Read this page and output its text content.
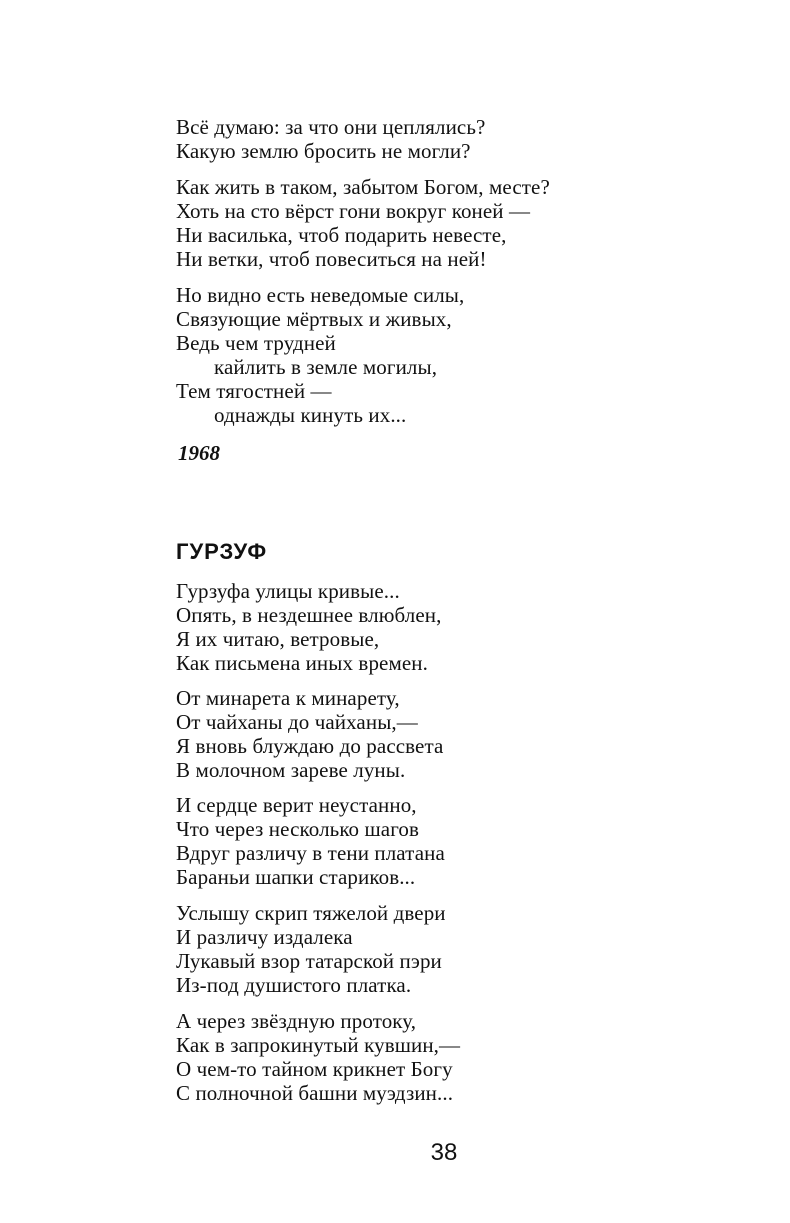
Всё думаю: за что они цеплялись?
Какую землю бросить не могли?
Как жить в таком, забытом Богом, месте?
Хоть на сто вёрст гони вокруг коней —
Ни василька, чтоб подарить невесте,
Ни ветки, чтоб повеситься на ней!
Но видно есть неведомые силы,
Связующие мёртвых и живых,
Ведь чем трудней
кайлить в земле могилы,
Тем тягостней —
однажды кинуть их...
1968
ГУРЗУФ
Гурзуфа улицы кривые...
Опять, в нездешнее влюблен,
Я их читаю, ветровые,
Как письмена иных времен.
От минарета к минарету,
От чайханы до чайханы,—
Я вновь блуждаю до рассвета
В молочном зареве луны.
И сердце верит неустанно,
Что через несколько шагов
Вдруг различу в тени платана
Бараньи шапки стариков...
Услышу скрип тяжелой двери
И различу издалека
Лукавый взор татарской пэри
Из-под душистого платка.
А через звёздную протоку,
Как в запрокинутый кувшин,—
О чем-то тайном крикнет Богу
С полночной башни муэдзин...
38
